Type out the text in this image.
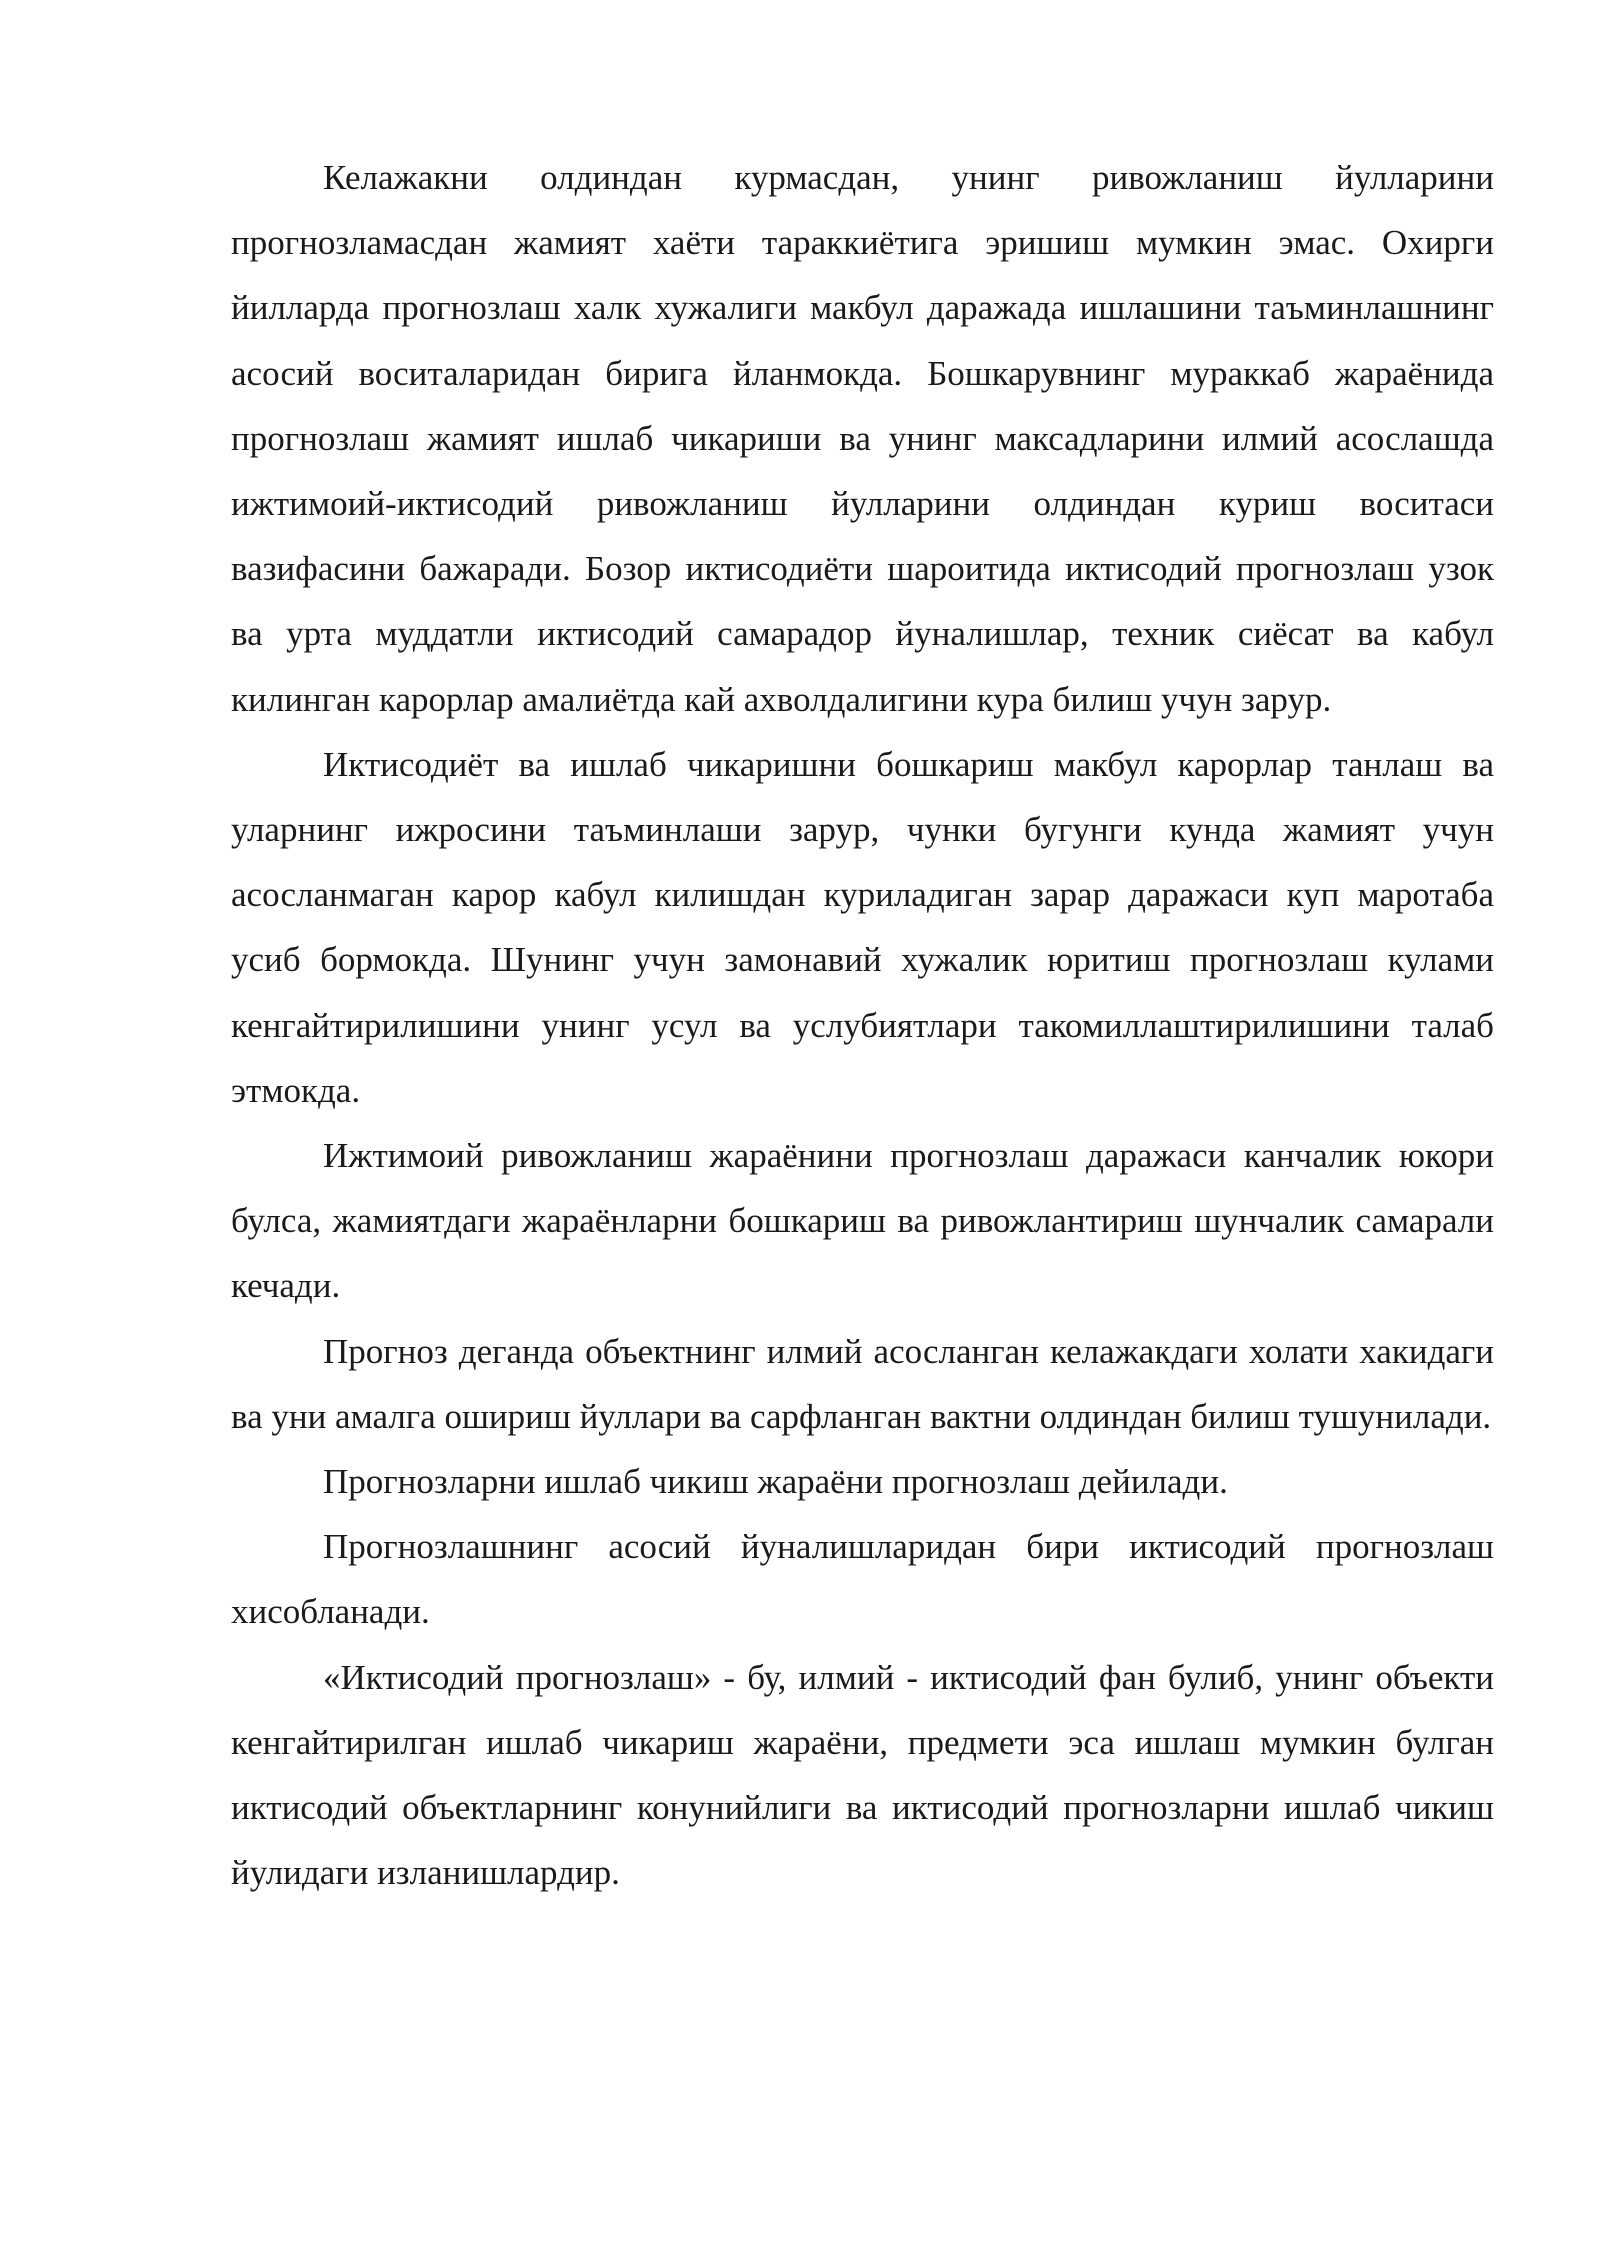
Келажакни олдиндан курмасдан, унинг ривожланиш йулларини прогнозламасдан жамият хаёти тараккиётига эришиш мумкин эмас. Охирги йилларда прогнозлаш халк хужалиги макбул даражада ишлашини таъминлашнинг асосий воситаларидан бирига йланмокда. Бошкарувнинг мураккаб жараёнида прогнозлаш жамият ишлаб чикариши ва унинг максадларини илмий асослашда ижтимоий-иктисодий ривожланиш йулларини олдиндан куриш воситаси вазифасини бажаради. Бозор иктисодиёти шароитида иктисодий прогнозлаш узок ва урта муддатли иктисодий самарадор йуналишлар, техник сиёсат ва кабул килинган карорлар амалиётда кай ахволдалигини кура билиш учун зарур.

Иктисодиёт ва ишлаб чикаришни бошкариш макбул карорлар танлаш ва уларнинг ижросини таъминлаши зарур, чунки бугунги кунда жамият учун асосланмаган карор кабул килишдан куриладиган зарар даражаси куп маротаба усиб бормокда. Шунинг учун замонавий хужалик юритиш прогнозлаш кулами кенгайтирилишини унинг усул ва услубиятлари такомиллаштирилишини талаб этмокда.

Ижтимоий ривожланиш жараёнини прогнозлаш даражаси канчалик юкори булса, жамиятдаги жараёнларни бошкариш ва ривожлантириш шунчалик самарали кечади.

Прогноз деганда объектнинг илмий асосланган келажакдаги холати хакидаги ва уни амалга ошириш йуллари ва сарфланган вактни олдиндан билиш тушунилади.

Прогнозларни ишлаб чикиш жараёни прогнозлаш дейилади.

Прогнозлашнинг асосий йуналишларидан бири иктисодий прогнозлаш хисобланади.

«Иктисодий прогнозлаш» - бу, илмий - иктисодий фан булиб, унинг объекти кенгайтирилган ишлаб чикариш жараёни, предмети эса ишлаш мумкин булган иктисодий объектларнинг конунийлиги ва иктисодий прогнозларни ишлаб чикиш йулидаги изланишлардир.
